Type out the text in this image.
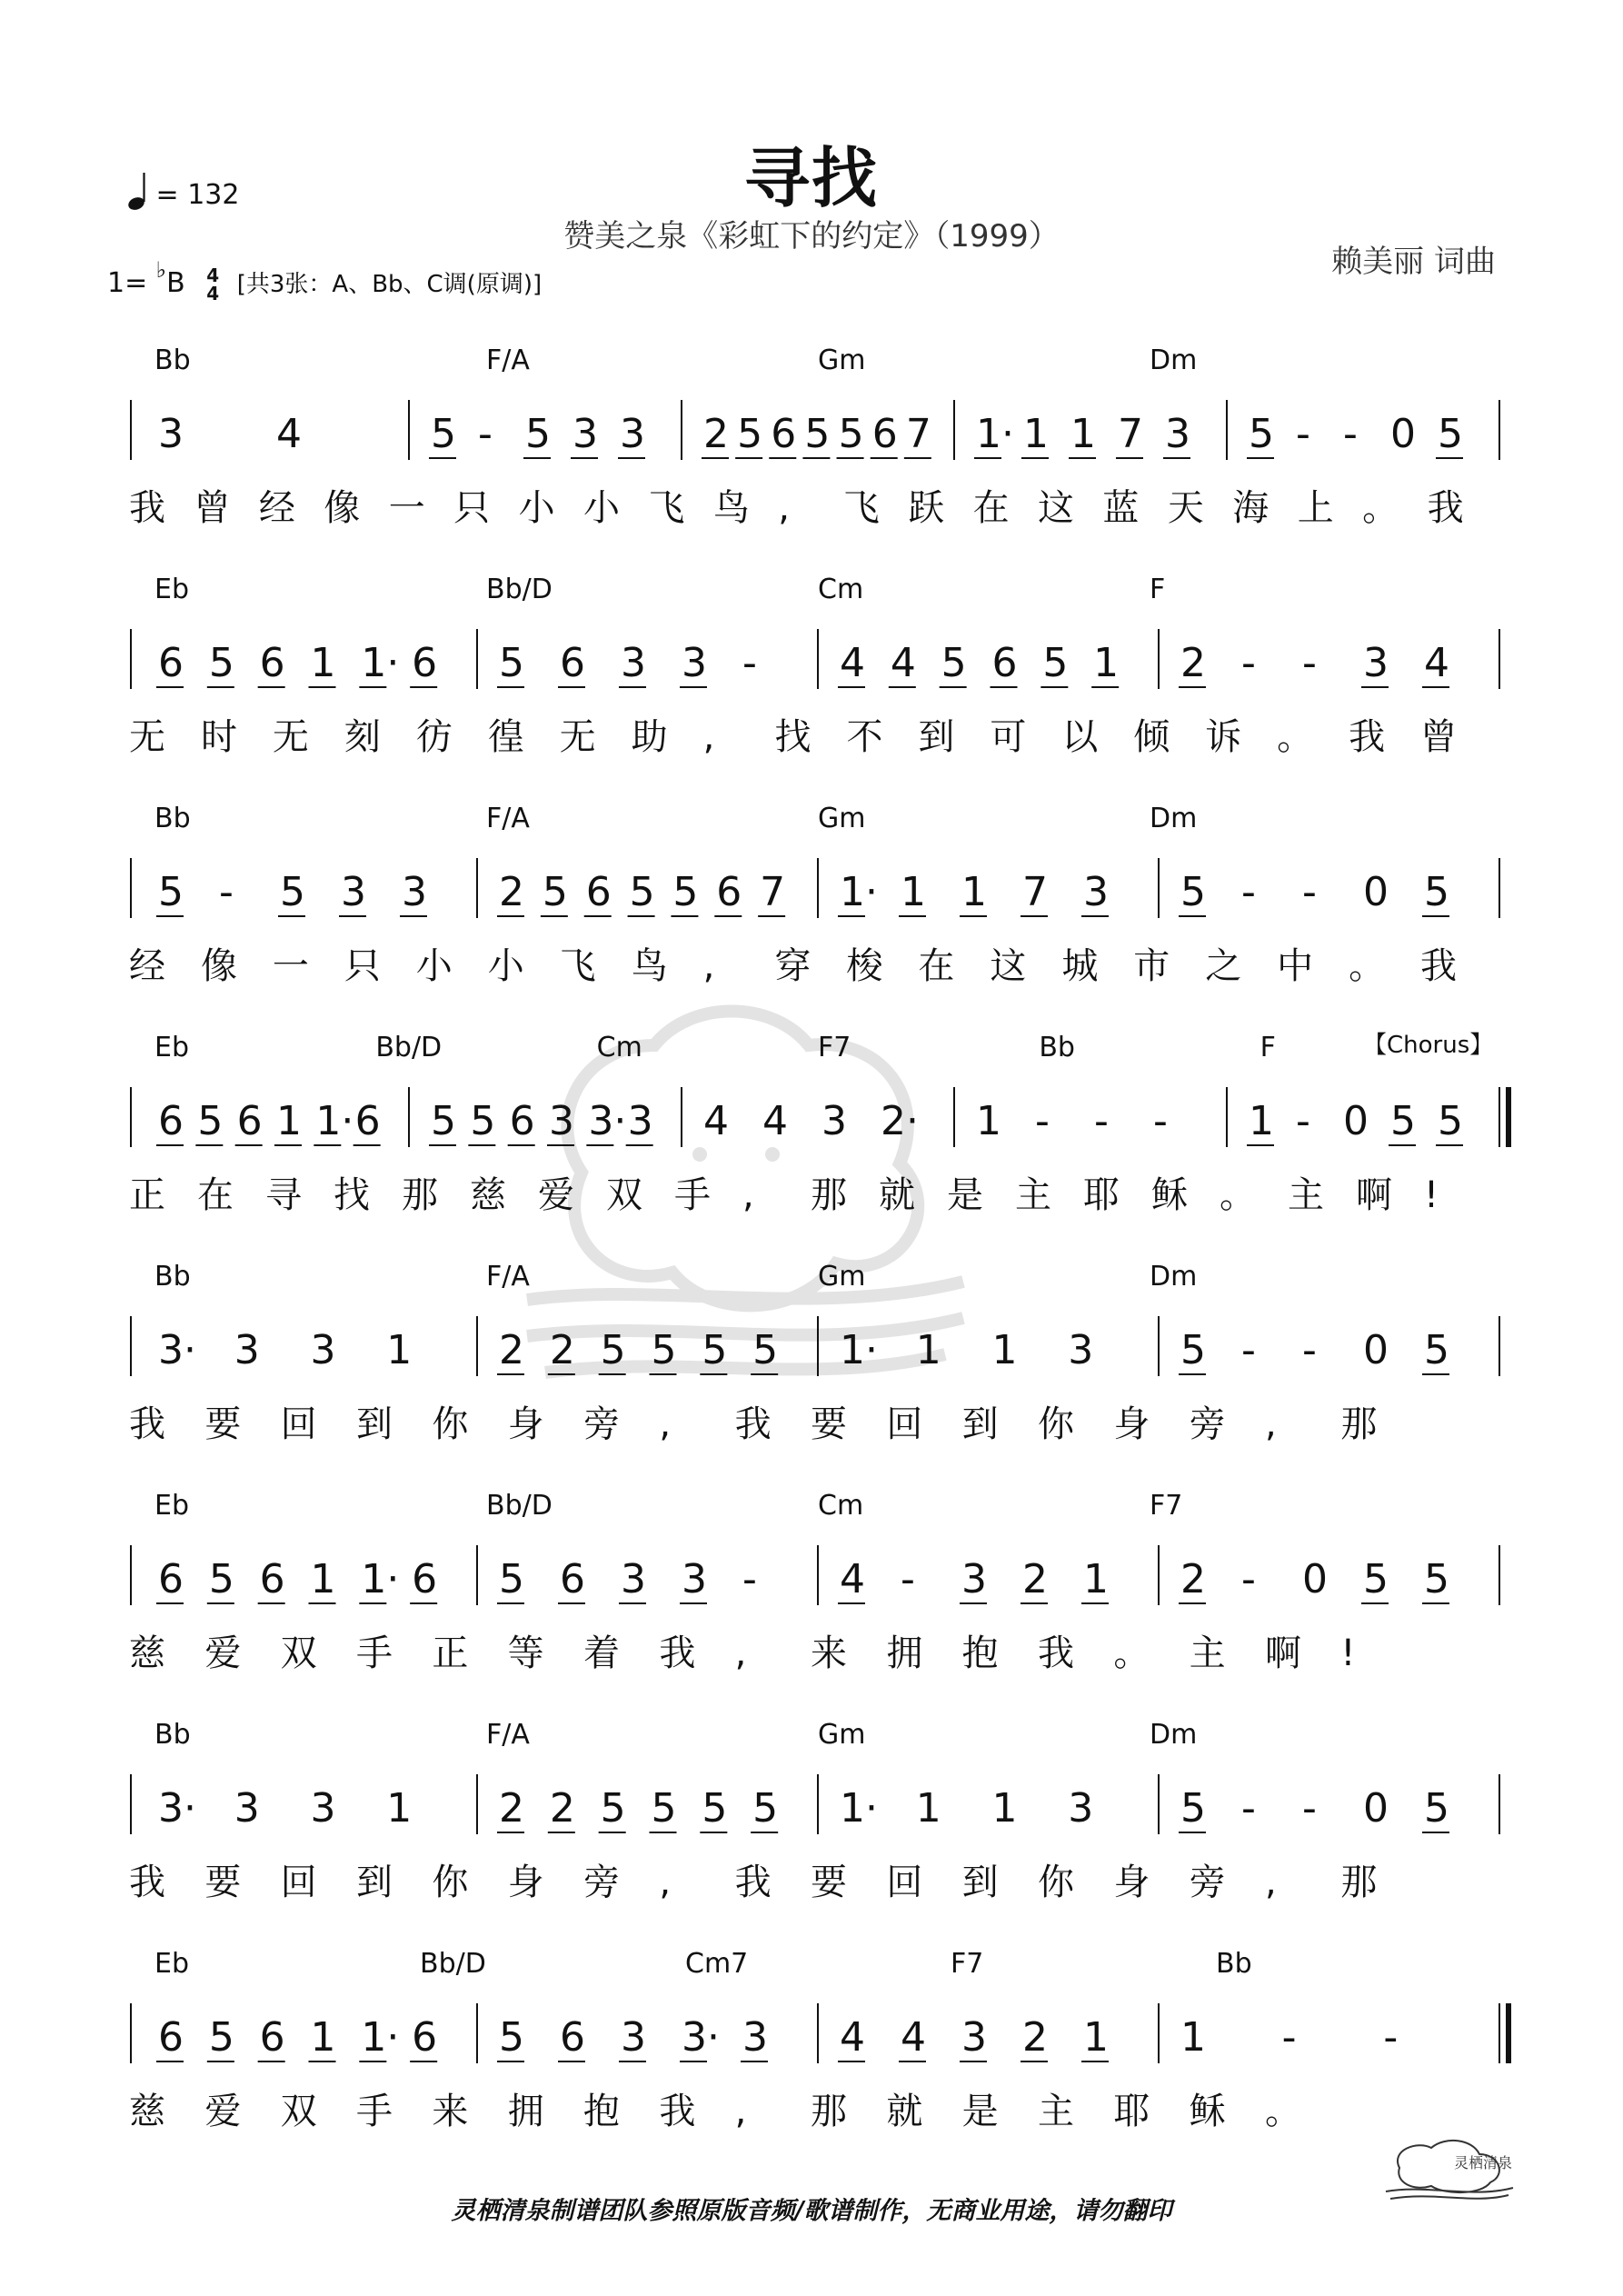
= 132	寻找
赞美之泉《彩虹下的约定》（1999）
赖美丽 词曲
1= ♭B 4
4 [共3张：A、Bb、C调(原调)]
Bb	F/A	Gm	Dm
3 4	5 - 5 3 3 2 5 6 5 5 6 7 1· 1 1 7 3 5 - - 0 5
我 曾 经 像 一 只 小 小 飞 鸟 , 飞 跃 在 这 蓝 天 海 上 。 我
Eb	Bb/D	Cm	F
6 5 6 1 1· 6 5 6 3 3 - 4 4 5 6 5 1 2 - - 3 4
无 时 无 刻 彷 徨 无 助 , 找 不 到 可 以 倾 诉 。 我 曾
Bb	F/A	Gm	Dm
5 - 5 3 3 2 5 6 5 5 6 7 1· 1 1 7 3 5 - - 0 5
经 像 一 只 小 小 飞 鸟 , 穿 梭 在 这 城 市 之 中 。 我
Eb	Bb/D	Cm	F7	Bb	F	【Chorus】
6 5 6 1 1· 6 5 5 6 3 3· 3 4 4 3 2· 1 - - - 1 - 0 5 5
正 在 寻 找 那 慈 爱 双 手 , 那 就 是 主 耶 稣 。 主 啊 !
Bb	F/A	Gm	Dm
3· 3 3 1 2 2 5 5 5 5 1· 1 1 3 5 - - 0 5
我 要 回 到 你 身 旁 , 我 要 回 到 你 身 旁 , 那
Eb	Bb/D	Cm	F7
6 5 6 1 1· 6 5 6 3 3 - 4 - 3 2 1 2 - 0 5 5
慈 爱 双 手 正 等 着 我 , 来 拥 抱 我 。 主 啊 !
Bb	F/A	Gm	Dm
3· 3 3 1 2 2 5 5 5 5 1· 1 1 3 5 - - 0 5
我 要 回 到 你 身 旁 , 我 要 回 到 你 身 旁 , 那
Eb	Bb/D	Cm7	F7	Bb
6 5 6 1 1· 6 5 6 3 3· 3 4 4 3 2 1 1 - -
慈 爱 双 手 来 拥 抱 我 , 那 就 是 主 耶 稣 。
灵栖清泉制谱团队参照原版音频/歌谱制作，无商业用途，请勿翻印
灵栖清泉
